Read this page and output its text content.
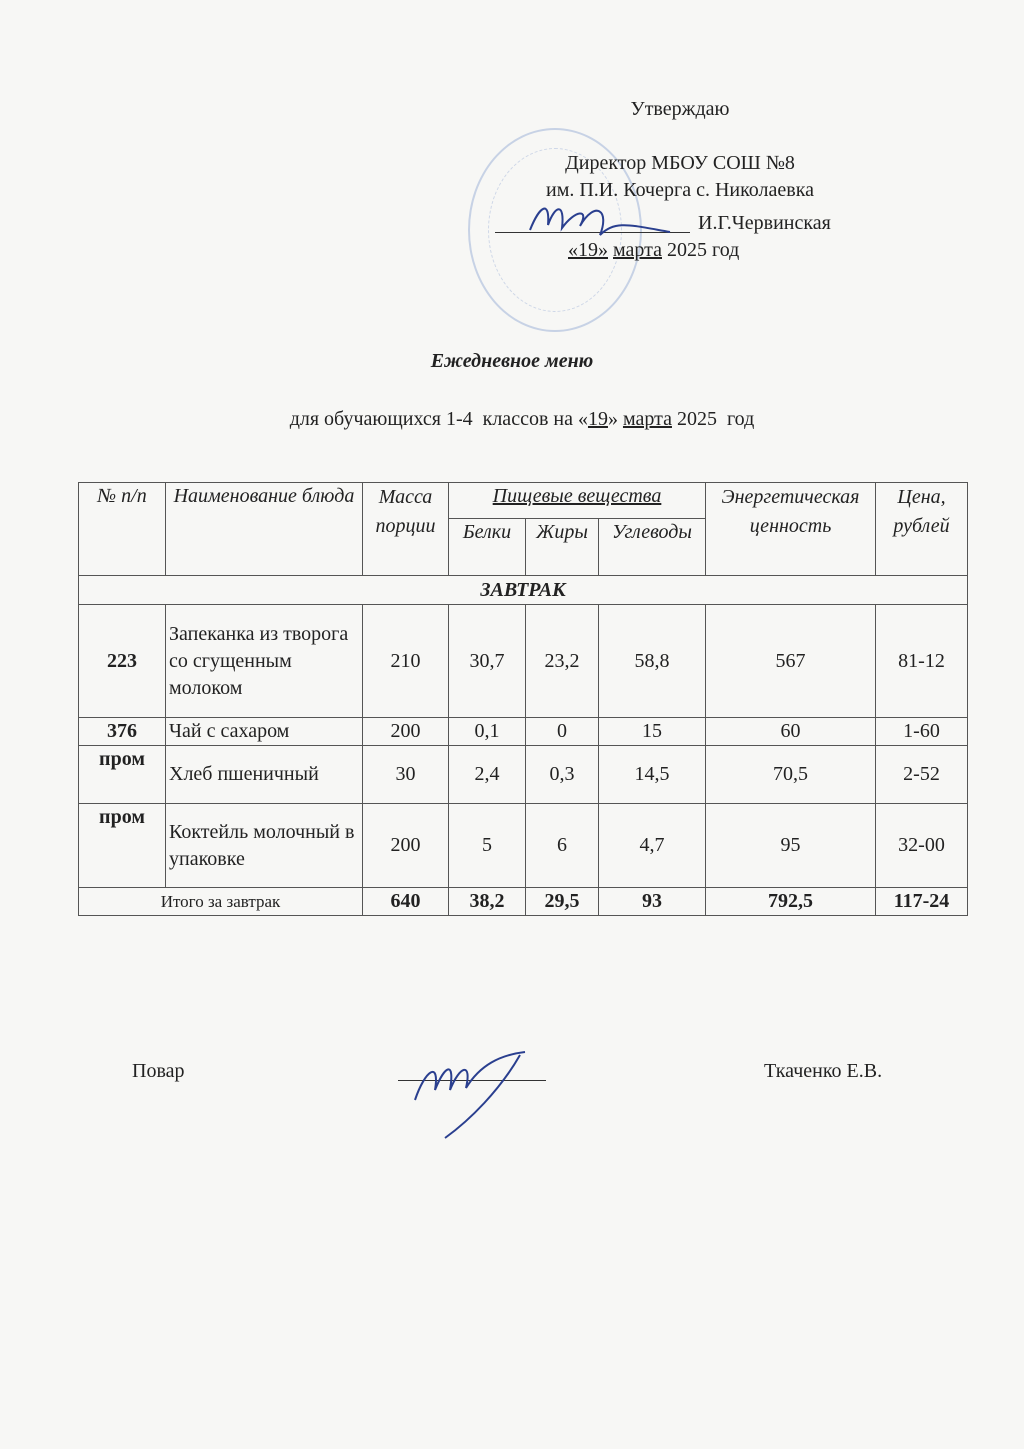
Утверждаю
Директор МБОУ СОШ №8
им. П.И. Кочерга с. Николаевка
И.Г.Червинская
«19» марта 2025 год
Ежедневное меню
для обучающихся 1-4  классов на «19» марта 2025  год
№ п/п	Наименование блюда	Масса порции	Пищевые вещества			Энергетическая ценность	Цена, рублей
			Белки	Жиры	Углеводы		
ЗАВТРАК							
223	Запеканка из творога со сгущенным молоком	210	30,7	23,2	58,8	567	81-12
376	Чай с сахаром	200	0,1	0	15	60	1-60
пром	Хлеб пшеничный	30	2,4	0,3	14,5	70,5	2-52
пром	Коктейль молочный в упаковке	200	5	6	4,7	95	32-00
Итого за завтрак		640	38,2	29,5	93	792,5	117-24
Повар	Ткаченко Е.В.
